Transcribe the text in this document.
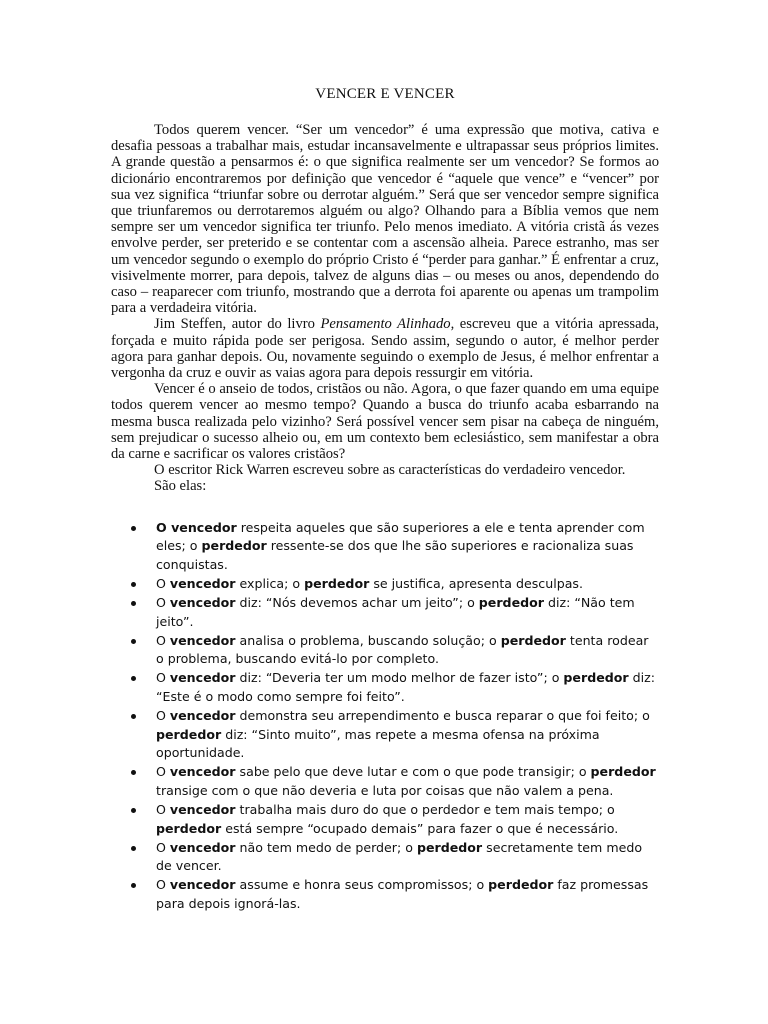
VENCER E VENCER

Todos querem vencer. “Ser um vencedor” é uma expressão que motiva, cativa e desafia pessoas a trabalhar mais, estudar incansavelmente e ultrapassar seus próprios limites. A grande questão a pensarmos é: o que significa realmente ser um vencedor? Se formos ao dicionário encontraremos por definição que vencedor é “aquele que vence” e “vencer” por sua vez significa “triunfar sobre ou derrotar alguém.” Será que ser vencedor sempre significa que triunfaremos ou derrotaremos alguém ou algo? Olhando para a Bíblia vemos que nem sempre ser um vencedor significa ter triunfo. Pelo menos imediato. A vitória cristã ás vezes envolve perder, ser preterido e se contentar com a ascensão alheia. Parece estranho, mas ser um vencedor segundo o exemplo do próprio Cristo é “perder para ganhar.” É enfrentar a cruz, visivelmente morrer, para depois, talvez de alguns dias – ou meses ou anos, dependendo do caso – reaparecer com triunfo, mostrando que a derrota foi aparente ou apenas um trampolim para a verdadeira vitória.

Jim Steffen, autor do livro Pensamento Alinhado, escreveu que a vitória apressada, forçada e muito rápida pode ser perigosa. Sendo assim, segundo o autor, é melhor perder agora para ganhar depois. Ou, novamente seguindo o exemplo de Jesus, é melhor enfrentar a vergonha da cruz e ouvir as vaias agora para depois ressurgir em vitória.

Vencer é o anseio de todos, cristãos ou não. Agora, o que fazer quando em uma equipe todos querem vencer ao mesmo tempo? Quando a busca do triunfo acaba esbarrando na mesma busca realizada pelo vizinho? Será possível vencer sem pisar na cabeça de ninguém, sem prejudicar o sucesso alheio ou, em um contexto bem eclesiástico, sem manifestar a obra da carne e sacrificar os valores cristãos?

O escritor Rick Warren escreveu sobre as características do verdadeiro vencedor.

São elas:

O vencedor respeita aqueles que são superiores a ele e tenta aprender com eles; o perdedor ressente-se dos que lhe são superiores e racionaliza suas conquistas.
O vencedor explica; o perdedor se justifica, apresenta desculpas.
O vencedor diz: “Nós devemos achar um jeito”; o perdedor diz: “Não tem jeito”.
O vencedor analisa o problema, buscando solução; o perdedor tenta rodear o problema, buscando evitá-lo por completo.
O vencedor diz: “Deveria ter um modo melhor de fazer isto”; o perdedor diz: “Este é o modo como sempre foi feito”.
O vencedor demonstra seu arrependimento e busca reparar o que foi feito; o perdedor diz: “Sinto muito”, mas repete a mesma ofensa na próxima oportunidade.
O vencedor sabe pelo que deve lutar e com o que pode transigir; o perdedor transige com o que não deveria e luta por coisas que não valem a pena.
O vencedor trabalha mais duro do que o perdedor e tem mais tempo; o perdedor está sempre “ocupado demais” para fazer o que é necessário.
O vencedor não tem medo de perder; o perdedor secretamente tem medo de vencer.
O vencedor assume e honra seus compromissos; o perdedor faz promessas para depois ignorá-las.
